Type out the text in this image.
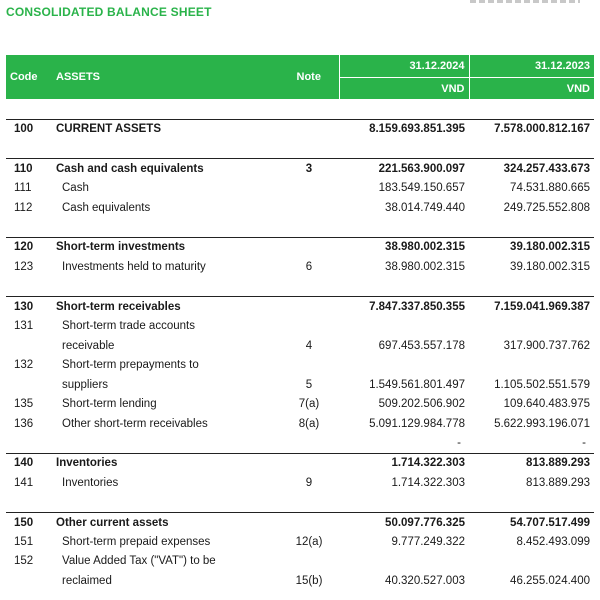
CONSOLIDATED BALANCE SHEET
Code	ASSETS	Note	31.12.2024	31.12.2023
			VND	VND

100	CURRENT ASSETS		8.159.693.851.395	7.578.000.812.167

110	Cash and cash equivalents	3	221.563.900.097	324.257.433.673
111	Cash		183.549.150.657	74.531.880.665
112	Cash equivalents		38.014.749.440	249.725.552.808

120	Short-term investments		38.980.002.315	39.180.002.315
123	Investments held to maturity	6	38.980.002.315	39.180.002.315

130	Short-term receivables		7.847.337.850.355	7.159.041.969.387
131	Short-term trade accounts			
	receivable	4	697.453.557.178	317.900.737.762
132	Short-term prepayments to			
	suppliers	5	1.549.561.801.497	1.105.502.551.579
135	Short-term lending	7(a)	509.202.506.902	109.640.483.975
136	Other short-term receivables	8(a)	5.091.129.984.778	5.622.993.196.071
			-	-
140	Inventories		1.714.322.303	813.889.293
141	Inventories	9	1.714.322.303	813.889.293

150	Other current assets		50.097.776.325	54.707.517.499
151	Short-term prepaid expenses	12(a)	9.777.249.322	8.452.493.099
152	Value Added Tax ("VAT") to be			
	reclaimed	15(b)	40.320.527.003	46.255.024.400
